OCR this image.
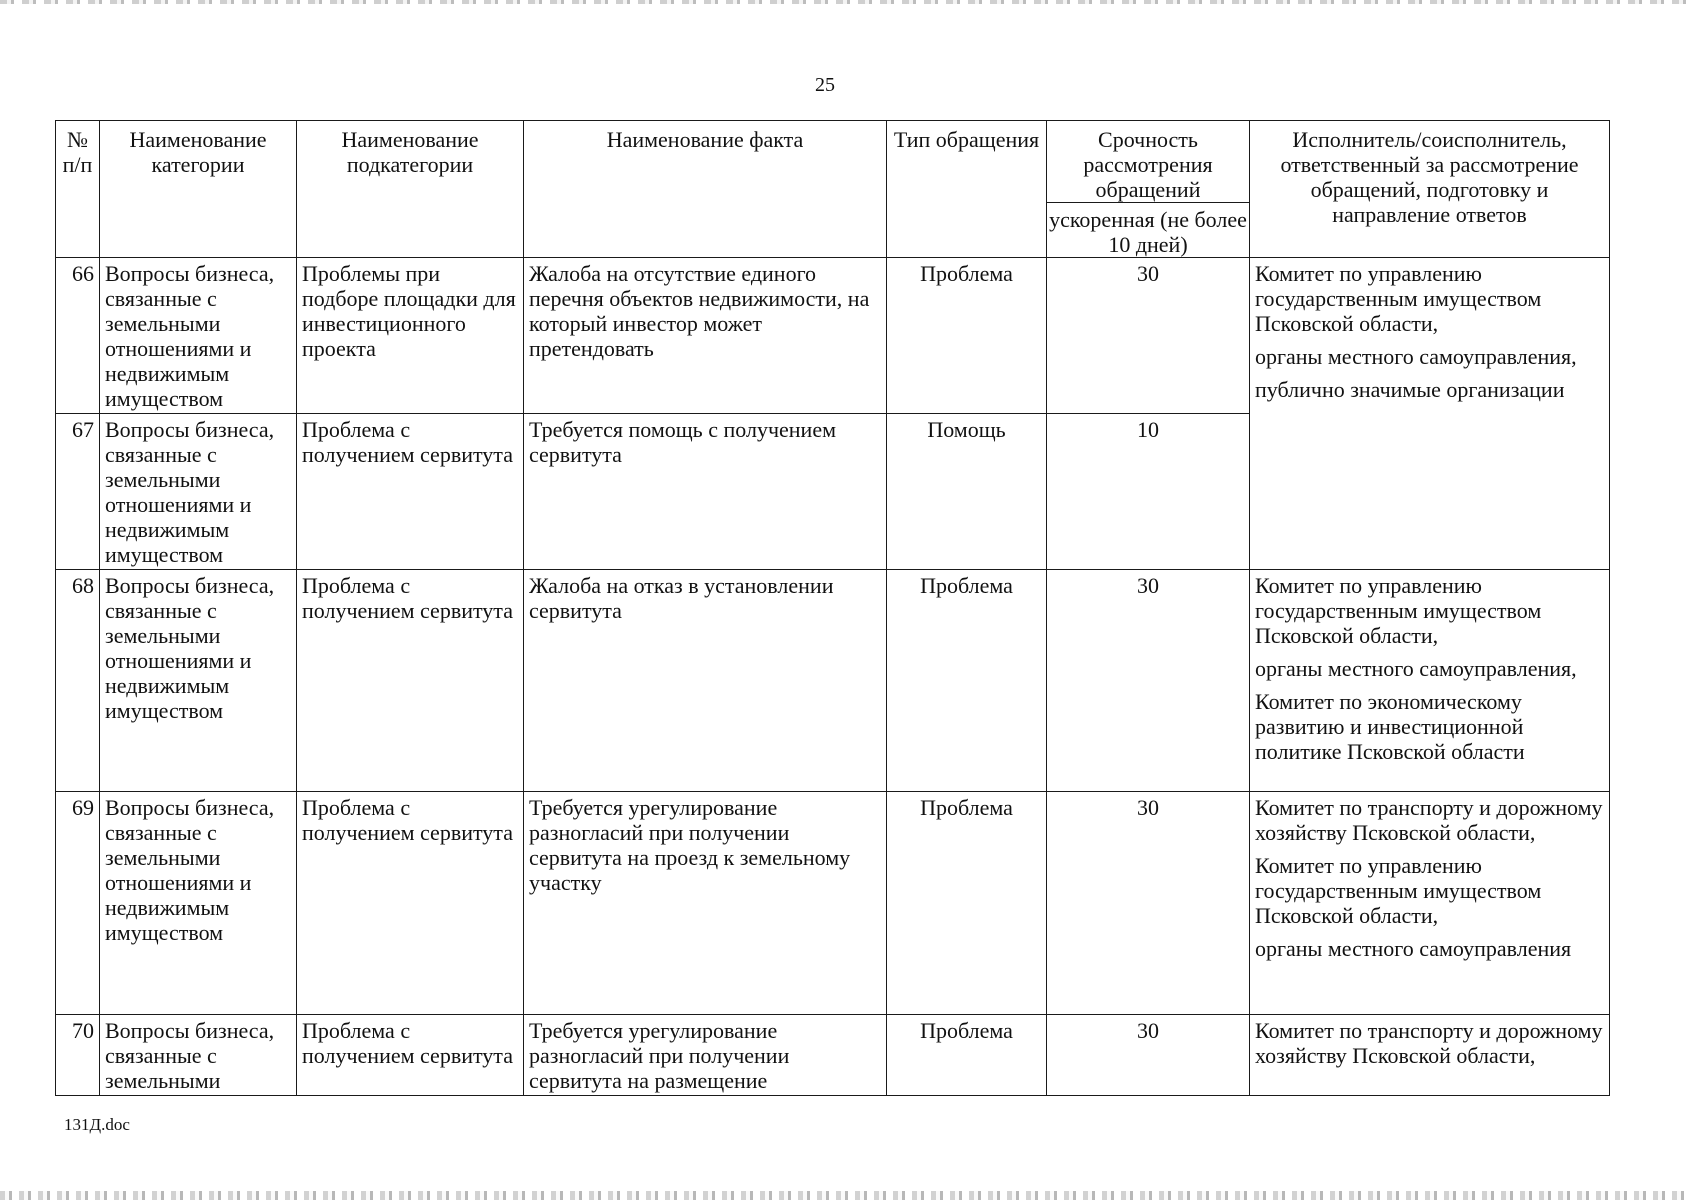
25
№ п/п	Наименование категории	Наименование подкатегории	Наименование факта	Тип обращения	Срочность рассмотрения обращений	Исполнитель/соисполнитель, ответственный за рассмотрение обращений, подготовку и направление ответов
					ускоренная (не более 10 дней)	
66	Вопросы бизнеса, связанные с земельными отношениями и недвижимым имуществом	Проблемы при подборе площадки для инвестиционного проекта	Жалоба на отсутствие единого перечня объектов недвижимости, на который инвестор может претендовать	Проблема	30	Комитет по управлению государственным имуществом Псковской области,
органы местного самоуправления,
публично значимые организации

67	Вопросы бизнеса, связанные с земельными отношениями и недвижимым имуществом	Проблема с получением сервитута	Требуется помощь с получением сервитута	Помощь	10	
68	Вопросы бизнеса, связанные с земельными отношениями и недвижимым имуществом	Проблема с получением сервитута	Жалоба на отказ в установлении сервитута	Проблема	30	Комитет по управлению государственным имуществом Псковской области,
органы местного самоуправления,
Комитет по экономическому развитию и инвестиционной политике Псковской области

69	Вопросы бизнеса, связанные с земельными отношениями и недвижимым имуществом	Проблема с получением сервитута	Требуется урегулирование разногласий при получении сервитута на проезд к земельному участку	Проблема	30	Комитет по транспорту и дорожному хозяйству Псковской области,
Комитет по управлению государственным имуществом Псковской области,
органы местного самоуправления

70	Вопросы бизнеса, связанные с земельными	Проблема с получением сервитута	Требуется урегулирование разногласий при получении сервитута на размещение	Проблема	30	Комитет по транспорту и дорожному хозяйству Псковской области,
131Д.doc
